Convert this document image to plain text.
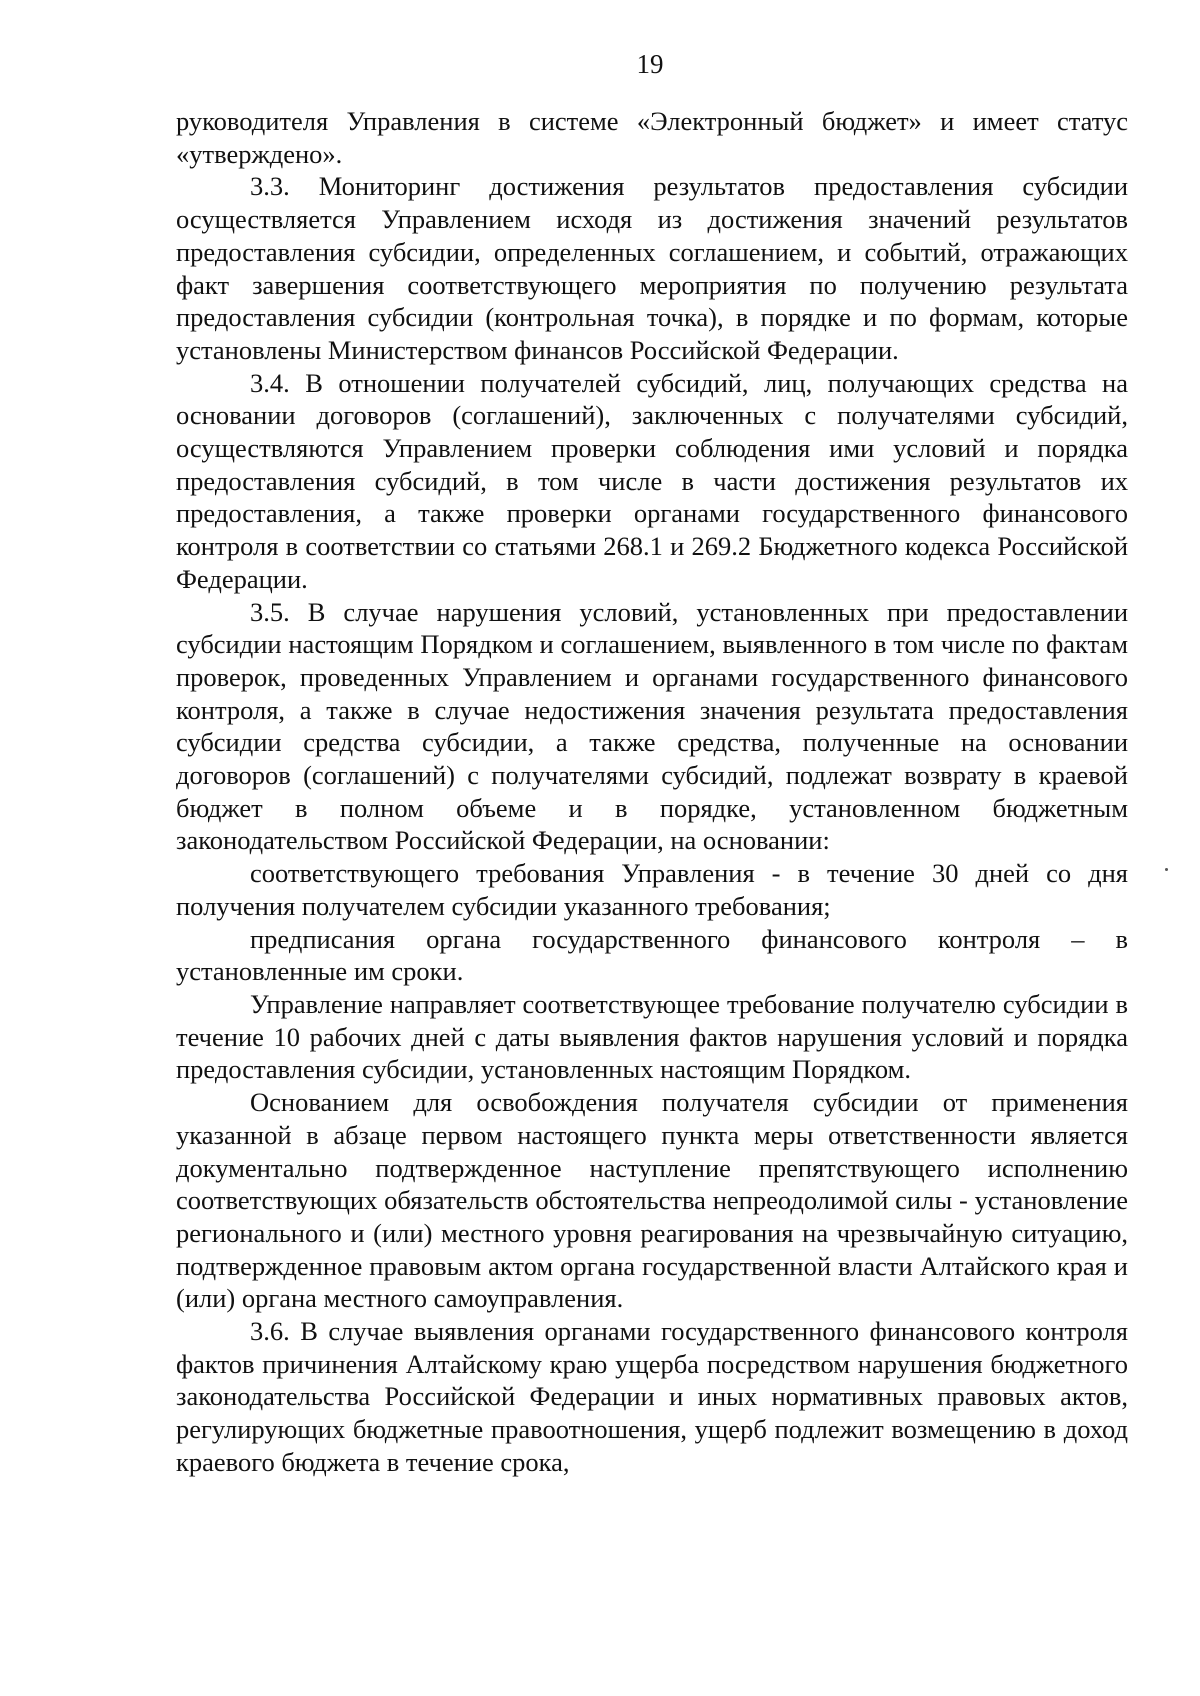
19

руководителя Управления в системе «Электронный бюджет» и имеет статус «утверждено».

3.3. Мониторинг достижения результатов предоставления субсидии осуществляется Управлением исходя из достижения значений результатов предоставления субсидии, определенных соглашением, и событий, отражающих факт завершения соответствующего мероприятия по получению результата предоставления субсидии (контрольная точка), в порядке и по формам, которые установлены Министерством финансов Российской Федерации.

3.4. В отношении получателей субсидий, лиц, получающих средства на основании договоров (соглашений), заключенных с получателями субсидий, осуществляются Управлением проверки соблюдения ими условий и порядка предоставления субсидий, в том числе в части достижения результатов их предоставления, а также проверки органами государственного финансового контроля в соответствии со статьями 268.1 и 269.2 Бюджетного кодекса Российской Федерации.

3.5. В случае нарушения условий, установленных при предоставлении субсидии настоящим Порядком и соглашением, выявленного в том числе по фактам проверок, проведенных Управлением и органами государственного финансового контроля, а также в случае недостижения значения результата предоставления субсидии средства субсидии, а также средства, полученные на основании договоров (соглашений) с получателями субсидий, подлежат возврату в краевой бюджет в полном объеме и в порядке, установленном бюджетным законодательством Российской Федерации, на основании:

соответствующего требования Управления - в течение 30 дней со дня получения получателем субсидии указанного требования;

предписания органа государственного финансового контроля – в установленные им сроки.

Управление направляет соответствующее требование получателю субсидии в течение 10 рабочих дней с даты выявления фактов нарушения условий и порядка предоставления субсидии, установленных настоящим Порядком.

Основанием для освобождения получателя субсидии от применения указанной в абзаце первом настоящего пункта меры ответственности является документально подтвержденное наступление препятствующего исполнению соответствующих обязательств обстоятельства непреодолимой силы - установление регионального и (или) местного уровня реагирования на чрезвычайную ситуацию, подтвержденное правовым актом органа государственной власти Алтайского края и (или) органа местного самоуправления.

3.6. В случае выявления органами государственного финансового контроля фактов причинения Алтайскому краю ущерба посредством нарушения бюджетного законодательства Российской Федерации и иных нормативных правовых актов, регулирующих бюджетные правоотношения, ущерб подлежит возмещению в доход краевого бюджета в течение срока,
